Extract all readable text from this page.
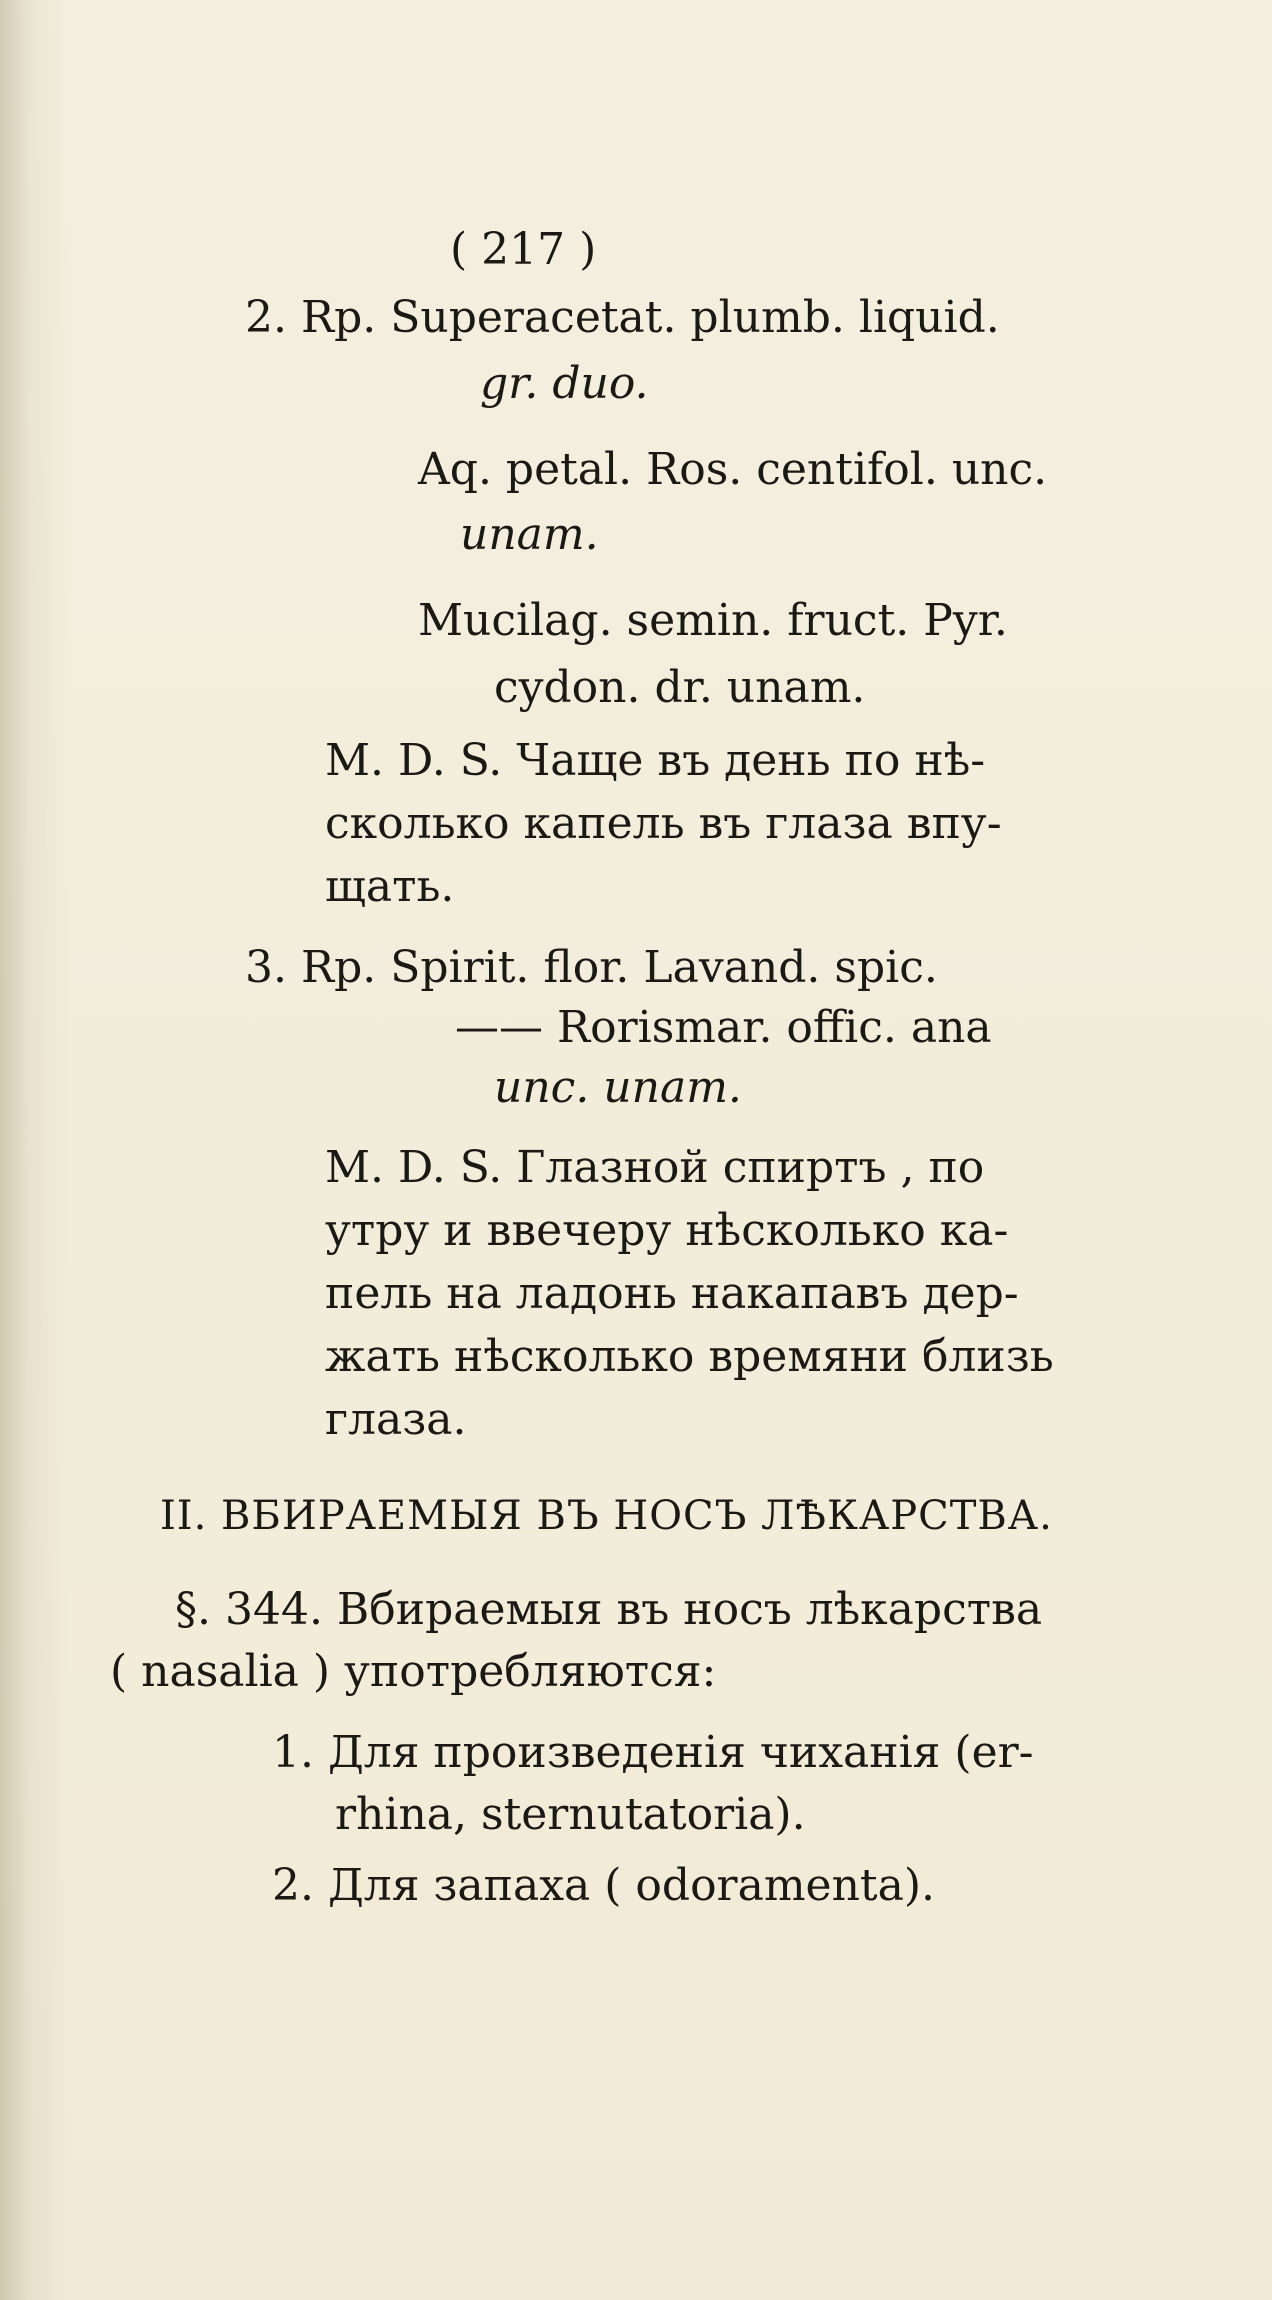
( 217 )
2. Rp. Superacetat. plumb. liquid.
gr. duo.
Aq. petal. Ros. centifol. unc.
unam.
Mucilag. semin. fruct. Pyr.
cydon. dr. unam.
M. D. S. Чаще въ день по нѣ-
сколько капель въ глаза впу-
щать.
3. Rp. Spirit. flor. Lavand. spic.
—— Rorismar. offic. ana
unc. unam.
M. D. S. Глазной спиртъ , по
утру и ввечеру нѣсколько ка-
пель на ладонь накапавъ дер-
жать нѣсколько времяни близь
глаза.
II. ВБИРАЕМЫЯ ВЪ НОСЪ ЛѢКАРСТВА.
§. 344. Вбираемыя въ носъ лѣкарства
( nasalia ) употребляются:
1. Для произведенія чиханія (er-
rhina, sternutatoria).
2. Для запаха ( odoramenta).
